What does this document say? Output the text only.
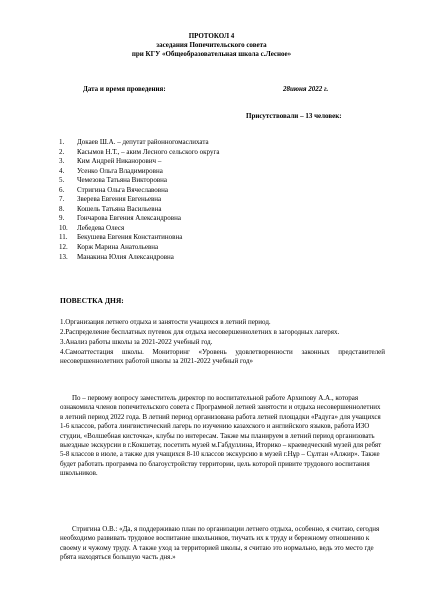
ПРОТОКОЛ 4
заседания Попечительского совета
при КГУ «Общеобразовательная школа с.Лесное»
Дата и время проведения:	28июня 2022 г.
Присутствовали – 13 человек:
1. Докаев Ш.А. – депутат районногомаслихата
2. Касымов Н.Т., – аким Лесного сельского округа
3. Ким Андрей Никанорович –
4. Усенко Ольга Владимировна
5. Чемезова Татьяна Викторовна
6. Стригина Ольга Вячеславовна
7. Зверева Евгения Евгеньевна
8. Кошель Татьяна Васильевна
9. Гончарова Евгения Александровна
10. Лебедева Олеся
11. Бекушева Евгения Константиновна
12. Корж Марина Анатольевна
13. Манакина Юлия Александровна
ПОВЕСТКА ДНЯ:

1.Организация летнего отдыха и занятости учащихся в летний период.

2.Распределение бесплатных путевок для отдыха несовершеннолетних в загородных лагерях.

3.Анализ работы школы за 2021-2022 учебный год.

4.Самоаттестация школы. Мониторинг «Уровень удовлетворенности законных представителей несовершеннолетних работой школы за 2021-2022 учебный год»

По – первому вопросу заместитель директор по воспитательной работе Архипову А.А., которая ознакомила членов попечительского совета с Программой летней занятости и отдыха несовершеннолетних в летний период 2022 года. В летний период организована работа летней площадки «Радуга» для учащихся 1-6 классов, работа лингвистический лагерь по изучению казахского и английского языков, работа ИЗО студии, «Волшебная кисточка», клубы по интересам. Также мы планируем в летний период организовать выездные экскурсии в г.Кокшетау, посетить музей м.Габдуллина, Иторико – краеведческий музей для ребят 5-8 классов в июле, а также для учащихся 8-10 классов экскурсию в музей г.Нұр – Сұлтан «Алжир». Также будет работать программа по благоустройству территории, цель которой привите трудового воспитания школьников.

Стригина О.В.: «Да, я поддерживаю план по организации летнего отдыха, особенно, я считаю, сегодня необходимо развивать трудовое воспитание школьников, тиучать их к труду и бережному отношению к своему и чужому труду. А также уход за территорией школы, я считаю это нормально, ведь это место где рбята находяться большую часть дня.»
